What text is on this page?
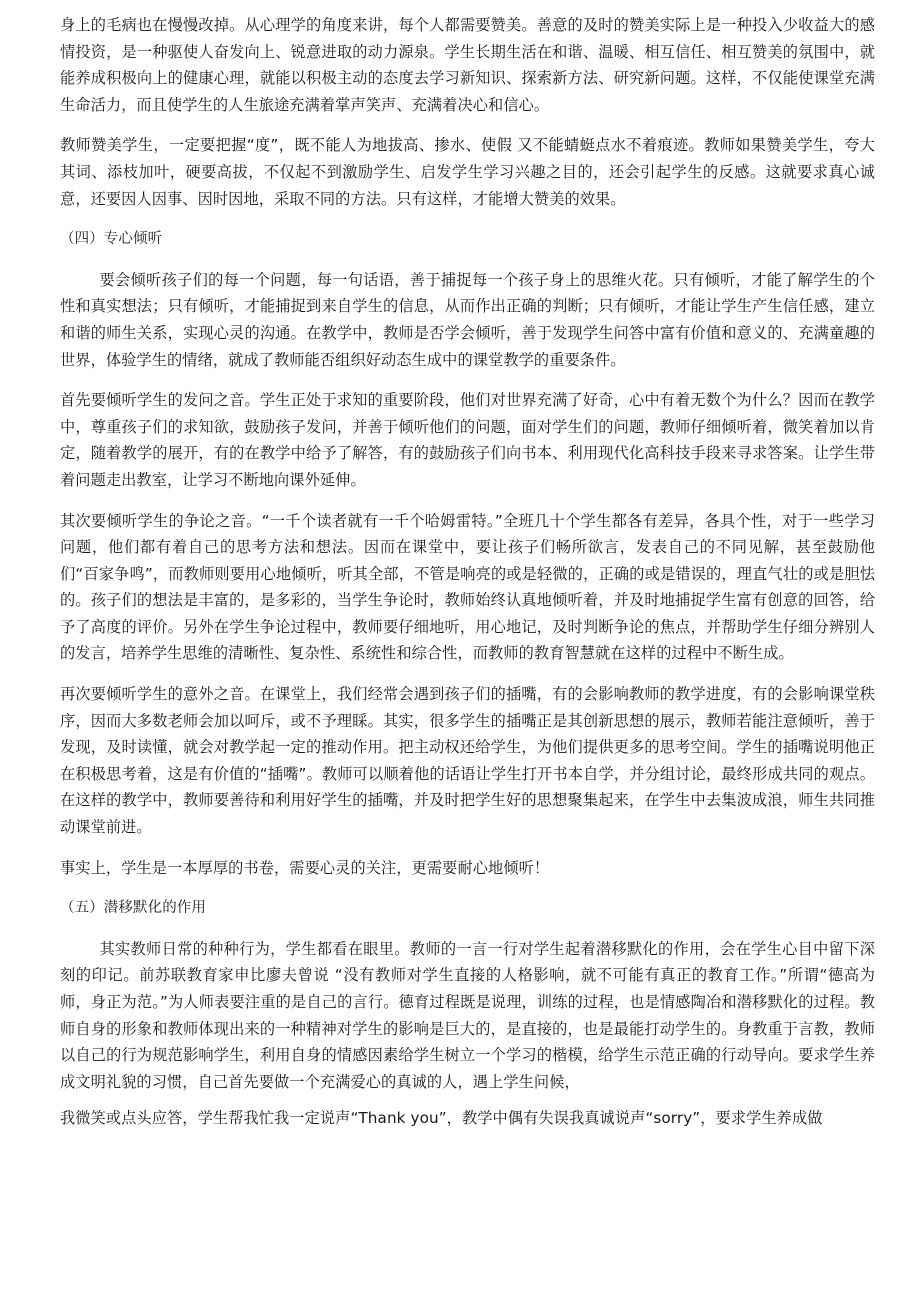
身上的毛病也在慢慢改掉。从心理学的角度来讲，每个人都需要赞美。善意的及时的赞美实际上是一种投入少收益大的感情投资，是一种驱使人奋发向上、锐意进取的动力源泉。学生长期生活在和谐、温暖、相互信任、相互赞美的氛围中，就能养成积极向上的健康心理，就能以积极主动的态度去学习新知识、探索新方法、研究新问题。这样，不仅能使课堂充满生命活力，而且使学生的人生旅途充满着掌声笑声、充满着决心和信心。

教师赞美学生，一定要把握“度”，既不能人为地拔高、掺水、使假 又不能蜻蜓点水不着痕迹。教师如果赞美学生，夸大其词、添枝加叶，硬要高拔，不仅起不到激励学生、启发学生学习兴趣之目的，还会引起学生的反感。这就要求真心诚意，还要因人因事、因时因地，采取不同的方法。只有这样，才能增大赞美的效果。

（四）专心倾听

要会倾听孩子们的每一个问题，每一句话语，善于捕捉每一个孩子身上的思维火花。只有倾听，才能了解学生的个性和真实想法；只有倾听，才能捕捉到来自学生的信息，从而作出正确的判断；只有倾听，才能让学生产生信任感，建立和谐的师生关系，实现心灵的沟通。在教学中，教师是否学会倾听，善于发现学生问答中富有价值和意义的、充满童趣的世界，体验学生的情绪，就成了教师能否组织好动态生成中的课堂教学的重要条件。

首先要倾听学生的发问之音。学生正处于求知的重要阶段，他们对世界充满了好奇，心中有着无数个为什么？因而在教学中，尊重孩子们的求知欲，鼓励孩子发问，并善于倾听他们的问题，面对学生们的问题，教师仔细倾听着，微笑着加以肯定，随着教学的展开，有的在教学中给予了解答，有的鼓励孩子们向书本、利用现代化高科技手段来寻求答案。让学生带着问题走出教室，让学习不断地向课外延伸。

其次要倾听学生的争论之音。“一千个读者就有一千个哈姆雷特。”全班几十个学生都各有差异，各具个性，对于一些学习问题，他们都有着自己的思考方法和想法。因而在课堂中，要让孩子们畅所欲言，发表自己的不同见解，甚至鼓励他们“百家争鸣”，而教师则要用心地倾听，听其全部，不管是响亮的或是轻微的，正确的或是错误的，理直气壮的或是胆怯的。孩子们的想法是丰富的，是多彩的，当学生争论时，教师始终认真地倾听着，并及时地捕捉学生富有创意的回答，给予了高度的评价。另外在学生争论过程中，教师要仔细地听，用心地记，及时判断争论的焦点，并帮助学生仔细分辨别人的发言，培养学生思维的清晰性、复杂性、系统性和综合性，而教师的教育智慧就在这样的过程中不断生成。

再次要倾听学生的意外之音。在课堂上，我们经常会遇到孩子们的插嘴，有的会影响教师的教学进度，有的会影响课堂秩序，因而大多数老师会加以呵斥，或不予理睬。其实，很多学生的插嘴正是其创新思想的展示，教师若能注意倾听，善于发现，及时读懂，就会对教学起一定的推动作用。把主动权还给学生，为他们提供更多的思考空间。学生的插嘴说明他正在积极思考着，这是有价值的“插嘴”。教师可以顺着他的话语让学生打开书本自学，并分组讨论，最终形成共同的观点。在这样的教学中，教师要善待和利用好学生的插嘴，并及时把学生好的思想聚集起来，在学生中去集波成浪，师生共同推动课堂前进。

事实上，学生是一本厚厚的书卷，需要心灵的关注，更需要耐心地倾听！

（五）潜移默化的作用

其实教师日常的种种行为，学生都看在眼里。教师的一言一行对学生起着潜移默化的作用，会在学生心目中留下深刻的印记。前苏联教育家申比廖夫曾说 “没有教师对学生直接的人格影响，就不可能有真正的教育工作。”所谓“德高为师，身正为范。”为人师表要注重的是自己的言行。德育过程既是说理，训练的过程，也是情感陶冶和潜移默化的过程。教师自身的形象和教师体现出来的一种精神对学生的影响是巨大的，是直接的，也是最能打动学生的。身教重于言教，教师以自己的行为规范影响学生，利用自身的情感因素给学生树立一个学习的楷模，给学生示范正确的行动导向。要求学生养成文明礼貌的习惯，自己首先要做一个充满爱心的真诚的人，遇上学生问候，

我微笑或点头应答，学生帮我忙我一定说声“Thank you”，教学中偶有失误我真诚说声“sorry”，要求学生养成做
